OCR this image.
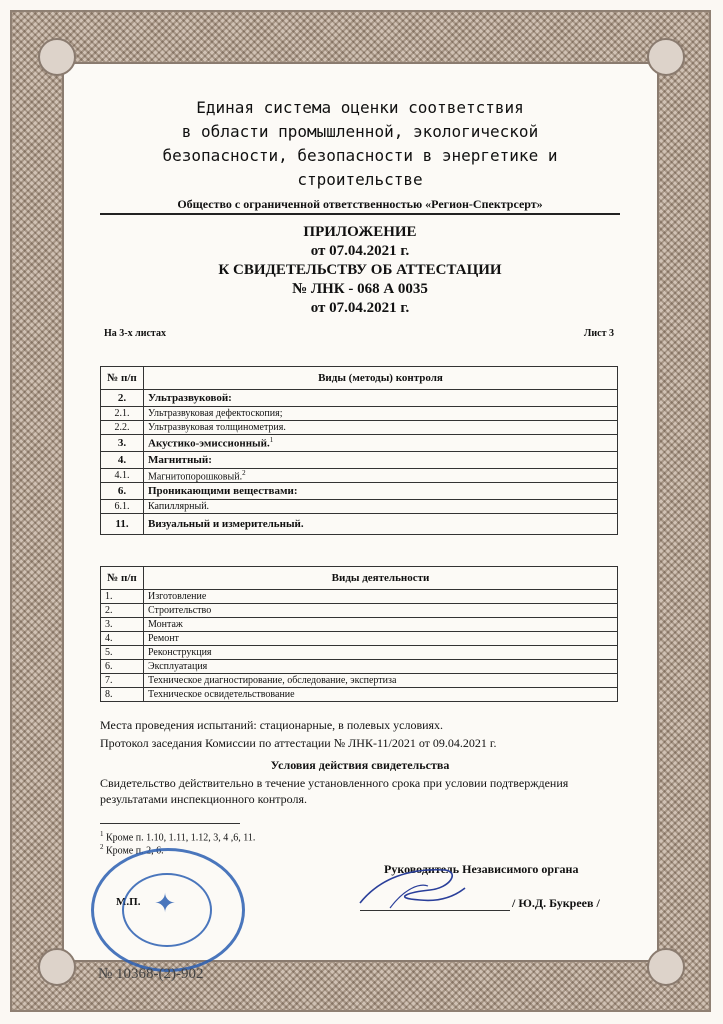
Единая система оценки соответствия
в области промышленной, экологической
безопасности, безопасности в энергетике и
строительстве
Общество с ограниченной ответственностью «Регион-Спектрсерт»
ПРИЛОЖЕНИЕ
от 07.04.2021 г.
К СВИДЕТЕЛЬСТВУ ОБ АТТЕСТАЦИИ
№ ЛНК - 068 А 0035
от 07.04.2021 г.
На 3-х листах	Лист 3
№ п/п	Виды (методы) контроля
2.	Ультразвуковой:
2.1.	Ультразвуковая дефектоскопия;
2.2.	Ультразвуковая толщинометрия.
3.	Акустико-эмиссионный.$^1$
4.	Магнитный:
4.1.	Магнитопорошковый.$^2$
6.	Проникающими веществами:
6.1.	Капиллярный.
11.	Визуальный и измерительный.
№ п/п	Виды деятельности
1.	Изготовление
2.	Строительство
3.	Монтаж
4.	Ремонт
5.	Реконструкция
6.	Эксплуатация
7.	Техническое диагностирование, обследование, экспертиза
8.	Техническое освидетельствование
Места проведения испытаний: стационарные, в полевых условиях.
Протокол заседания Комиссии по аттестации № ЛНК-11/2021 от 09.04.2021 г.
Условия действия свидетельства
Свидетельство действительно в течение установленного срока при условии подтверждения
результатами инспекционного контроля.
$^1$ Кроме п. 1.10, 1.11, 1.12, 3, 4 ,6, 11.
$^2$ Кроме п. 2, 6.
Руководитель Независимого органа
М.П.	/ Ю.Д. Букреев /
✦
№ 10368-(2)-902
